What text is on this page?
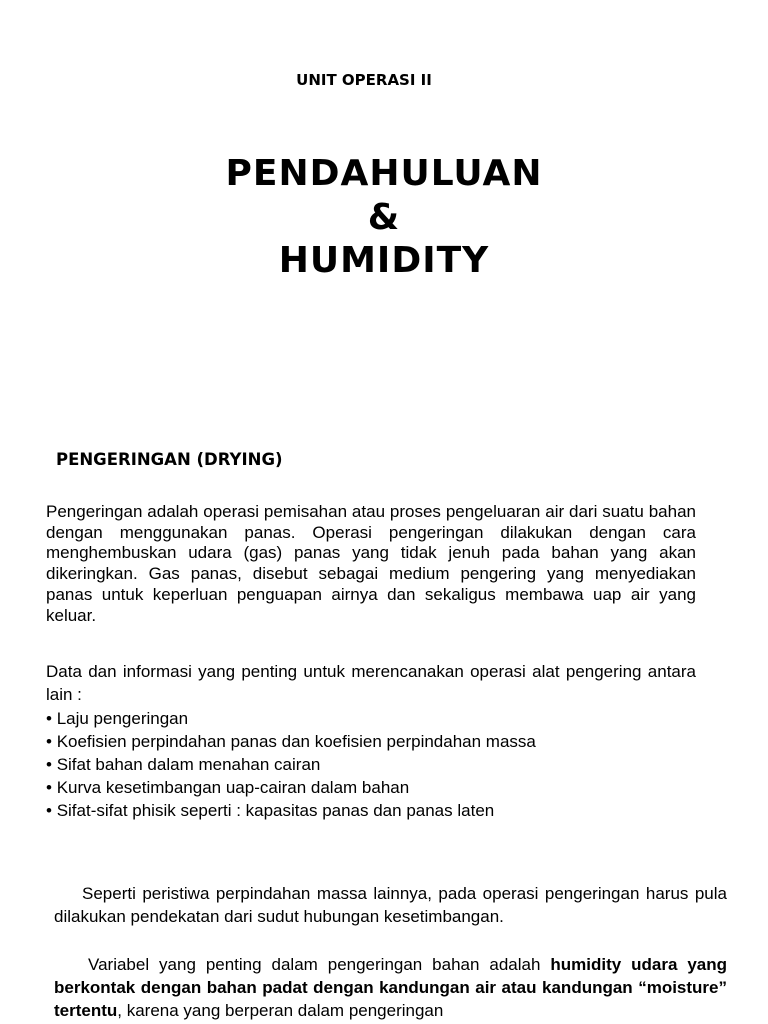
UNIT OPERASI II
PENDAHULUAN
&
HUMIDITY
PENGERINGAN (DRYING)

Pengeringan adalah operasi pemisahan atau proses pengeluaran air dari suatu bahan dengan menggunakan panas. Operasi pengeringan dilakukan dengan cara menghembuskan udara (gas) panas yang tidak jenuh pada bahan yang akan dikeringkan. Gas panas, disebut sebagai medium pengering yang menyediakan panas untuk keperluan penguapan airnya dan sekaligus membawa uap air yang keluar.

Data dan informasi yang penting untuk merencanakan operasi alat pengering antara lain :

• Laju pengeringan
• Koefisien perpindahan panas dan koefisien perpindahan massa
• Sifat bahan dalam menahan cairan
• Kurva kesetimbangan uap-cairan dalam bahan
• Sifat-sifat phisik seperti : kapasitas panas dan panas laten

Seperti peristiwa perpindahan massa lainnya, pada operasi pengeringan harus pula dilakukan pendekatan dari sudut hubungan kesetimbangan.

Variabel yang penting dalam pengeringan bahan adalah humidity udara yang berkontak dengan bahan padat dengan kandungan air atau kandungan “moisture” tertentu, karena yang berperan dalam pengeringan
